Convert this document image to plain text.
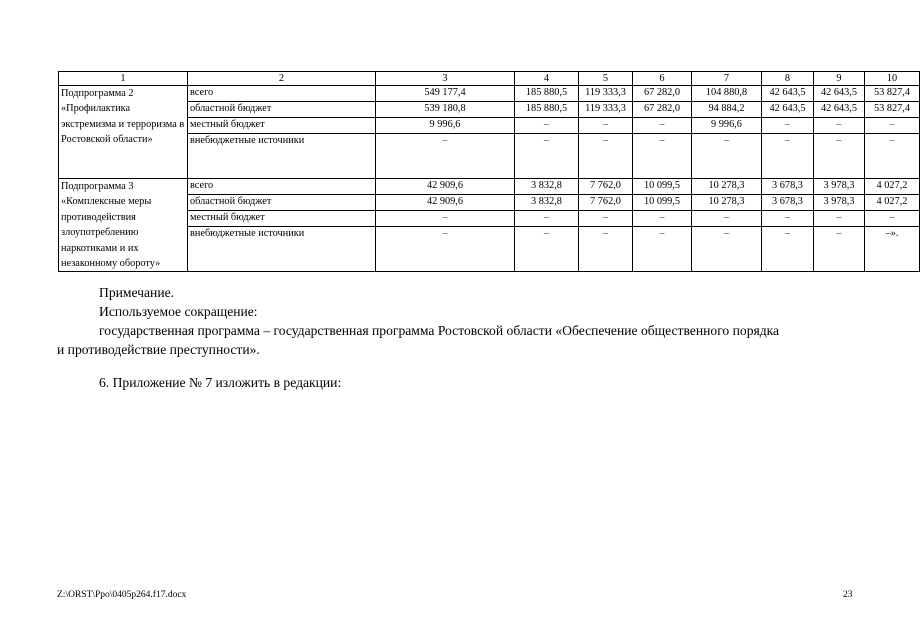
1	2	3	4	5	6	7	8	9	10
Подпрограмма 2 «Профилактика экстремизма и терроризма в Ростовской области»	всего	549 177,4	185 880,5	119 333,3	67 282,0	104 880,8	42 643,5	42 643,5	53 827,4
	областной бюджет	539 180,8	185 880,5	119 333,3	67 282,0	94 884,2	42 643,5	42 643,5	53 827,4
	местный бюджет	9 996,6	–	–	–	9 996,6	–	–	–
	внебюджетные источники	–	–	–	–	–	–	–	–
Подпрограмма 3 «Комплексные меры противодействия злоупотреблению наркотиками и их незаконному обороту»	всего	42 909,6	3 832,8	7 762,0	10 099,5	10 278,3	3 678,3	3 978,3	4 027,2
	областной бюджет	42 909,6	3 832,8	7 762,0	10 099,5	10 278,3	3 678,3	3 978,3	4 027,2
	местный бюджет	–	–	–	–	–	–	–	–
	внебюджетные источники	–	–	–	–	–	–	–	–».
Примечание.
Используемое сокращение:
государственная программа – государственная программа Ростовской области «Обеспечение общественного порядка
и противодействие преступности».
6. Приложение № 7 изложить в редакции:
Z:\ORST\Ppo\0405p264.f17.docx	23
